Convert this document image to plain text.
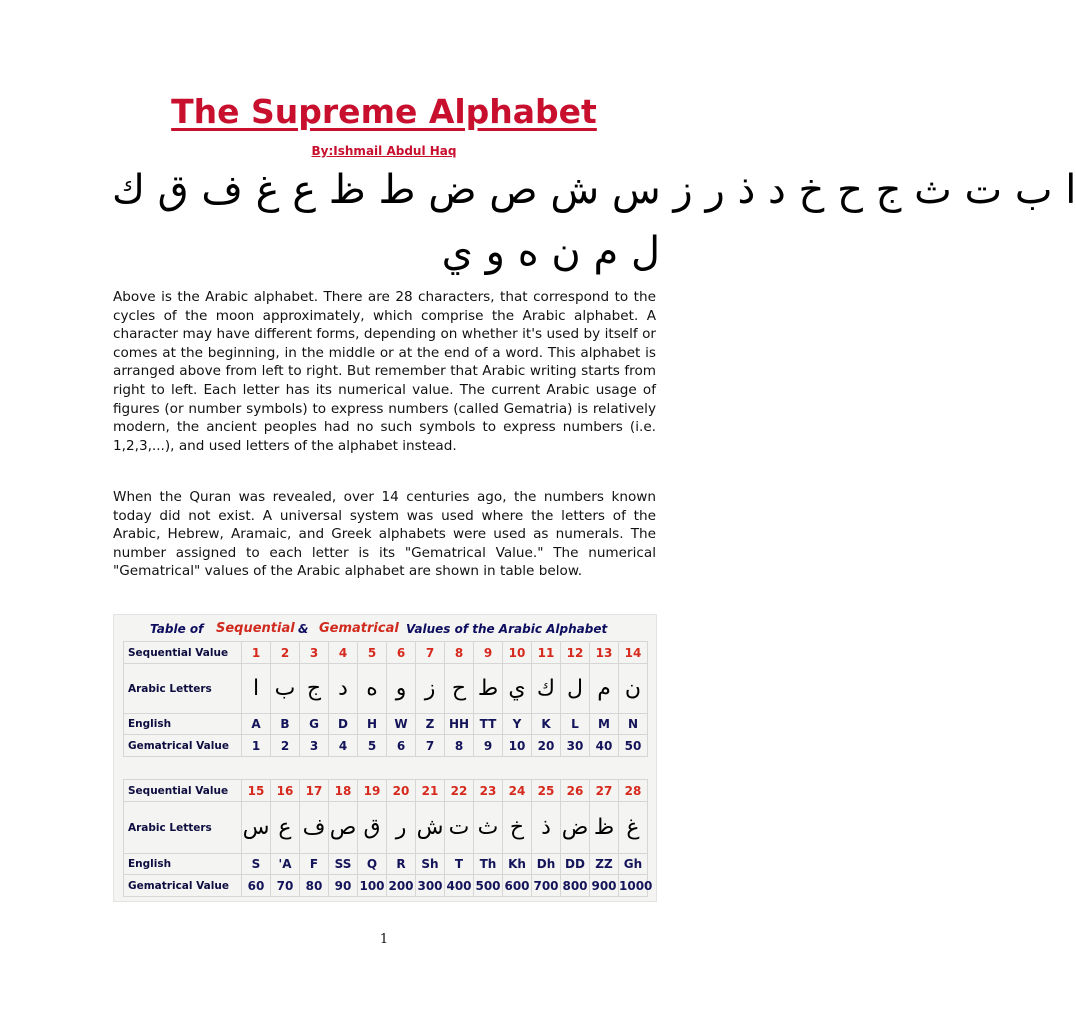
The Supreme Alphabet
By:Ishmail Abdul Haq
ا ب ت ث ج ح خ د ذ ر ز س ش ص ض ط ظ ع غ ف ق ك
ل م ن ه و ي

Above is the Arabic alphabet. There are 28 characters, that correspond to the cycles of the moon approximately, which comprise the Arabic alphabet. A character may have different forms, depending on whether it's used by itself or comes at the beginning, in the middle or at the end of a word. This alphabet is arranged above from left to right. But remember that Arabic writing starts from right to left. Each letter has its numerical value. The current Arabic usage of figures (or number symbols) to express numbers (called Gematria) is relatively modern, the ancient peoples had no such symbols to express numbers (i.e. 1,2,3,...), and used letters of the alphabet instead.

When the Quran was revealed, over 14 centuries ago, the numbers known today did not exist. A universal system was used where the letters of the Arabic, Hebrew, Aramaic, and Greek alphabets were used as numerals. The number assigned to each letter is its "Gematrical Value." The numerical "Gematrical" values of the Arabic alphabet are shown in table below.

Table of Sequential & Gematrical Values of the Arabic Alphabet
Sequential Value	1	2	3	4	5	6	7	8	9	10	11	12	13	14
Arabic Letters	ا	ب	ج	د	ه	و	ز	ح	ط	ي	ك	ل	م	ن
English	A	B	G	D	H	W	Z	HH	TT	Y	K	L	M	N
Gematrical Value	1	2	3	4	5	6	7	8	9	10	20	30	40	50
Sequential Value	15	16	17	18	19	20	21	22	23	24	25	26	27	28
Arabic Letters	س	ع	ف	ص	ق	ر	ش	ت	ث	خ	ذ	ض	ظ	غ
English	S	'A	F	SS	Q	R	Sh	T	Th	Kh	Dh	DD	ZZ	Gh
Gematrical Value	60	70	80	90	100	200	300	400	500	600	700	800	900	1000
1
